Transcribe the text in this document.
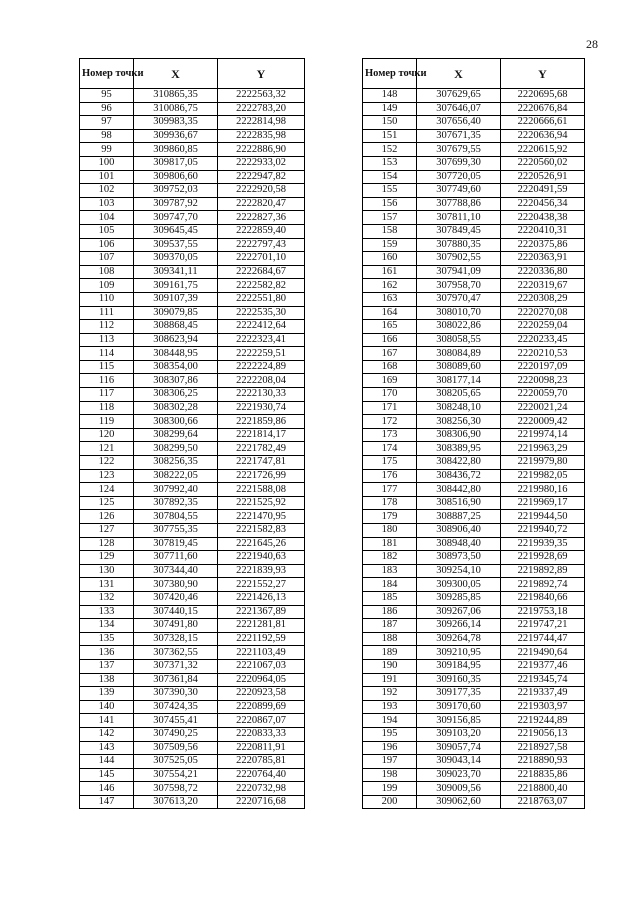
28
Номер точки	X	Y
95	310865,35	2222563,32
96	310086,75	2222783,20
97	309983,35	2222814,98
98	309936,67	2222835,98
99	309860,85	2222886,90
100	309817,05	2222933,02
101	309806,60	2222947,82
102	309752,03	2222920,58
103	309787,92	2222820,47
104	309747,70	2222827,36
105	309645,45	2222859,40
106	309537,55	2222797,43
107	309370,05	2222701,10
108	309341,11	2222684,67
109	309161,75	2222582,82
110	309107,39	2222551,80
111	309079,85	2222535,30
112	308868,45	2222412,64
113	308623,94	2222323,41
114	308448,95	2222259,51
115	308354,00	2222224,89
116	308307,86	2222208,04
117	308306,25	2222130,33
118	308302,28	2221930,74
119	308300,66	2221859,86
120	308299,64	2221814,17
121	308299,50	2221782,49
122	308256,35	2221747,81
123	308222,05	2221726,99
124	307992,40	2221588,08
125	307892,35	2221525,92
126	307804,55	2221470,95
127	307755,35	2221582,83
128	307819,45	2221645,26
129	307711,60	2221940,63
130	307344,40	2221839,93
131	307380,90	2221552,27
132	307420,46	2221426,13
133	307440,15	2221367,89
134	307491,80	2221281,81
135	307328,15	2221192,59
136	307362,55	2221103,49
137	307371,32	2221067,03
138	307361,84	2220964,05
139	307390,30	2220923,58
140	307424,35	2220899,69
141	307455,41	2220867,07
142	307490,25	2220833,33
143	307509,56	2220811,91
144	307525,05	2220785,81
145	307554,21	2220764,40
146	307598,72	2220732,98
147	307613,20	2220716,68
Номер точки	X	Y
148	307629,65	2220695,68
149	307646,07	2220676,84
150	307656,40	2220666,61
151	307671,35	2220636,94
152	307679,55	2220615,92
153	307699,30	2220560,02
154	307720,05	2220526,91
155	307749,60	2220491,59
156	307788,86	2220456,34
157	307811,10	2220438,38
158	307849,45	2220410,31
159	307880,35	2220375,86
160	307902,55	2220363,91
161	307941,09	2220336,80
162	307958,70	2220319,67
163	307970,47	2220308,29
164	308010,70	2220270,08
165	308022,86	2220259,04
166	308058,55	2220233,45
167	308084,89	2220210,53
168	308089,60	2220197,09
169	308177,14	2220098,23
170	308205,65	2220059,70
171	308248,10	2220021,24
172	308256,30	2220009,42
173	308306,90	2219974,14
174	308389,95	2219963,29
175	308422,80	2219979,80
176	308436,72	2219982,05
177	308442,80	2219980,16
178	308516,90	2219969,17
179	308887,25	2219944,50
180	308906,40	2219940,72
181	308948,40	2219939,35
182	308973,50	2219928,69
183	309254,10	2219892,89
184	309300,05	2219892,74
185	309285,85	2219840,66
186	309267,06	2219753,18
187	309266,14	2219747,21
188	309264,78	2219744,47
189	309210,95	2219490,64
190	309184,95	2219377,46
191	309160,35	2219345,74
192	309177,35	2219337,49
193	309170,60	2219303,97
194	309156,85	2219244,89
195	309103,20	2219056,13
196	309057,74	2218927,58
197	309043,14	2218890,93
198	309023,70	2218835,86
199	309009,56	2218800,40
200	309062,60	2218763,07
